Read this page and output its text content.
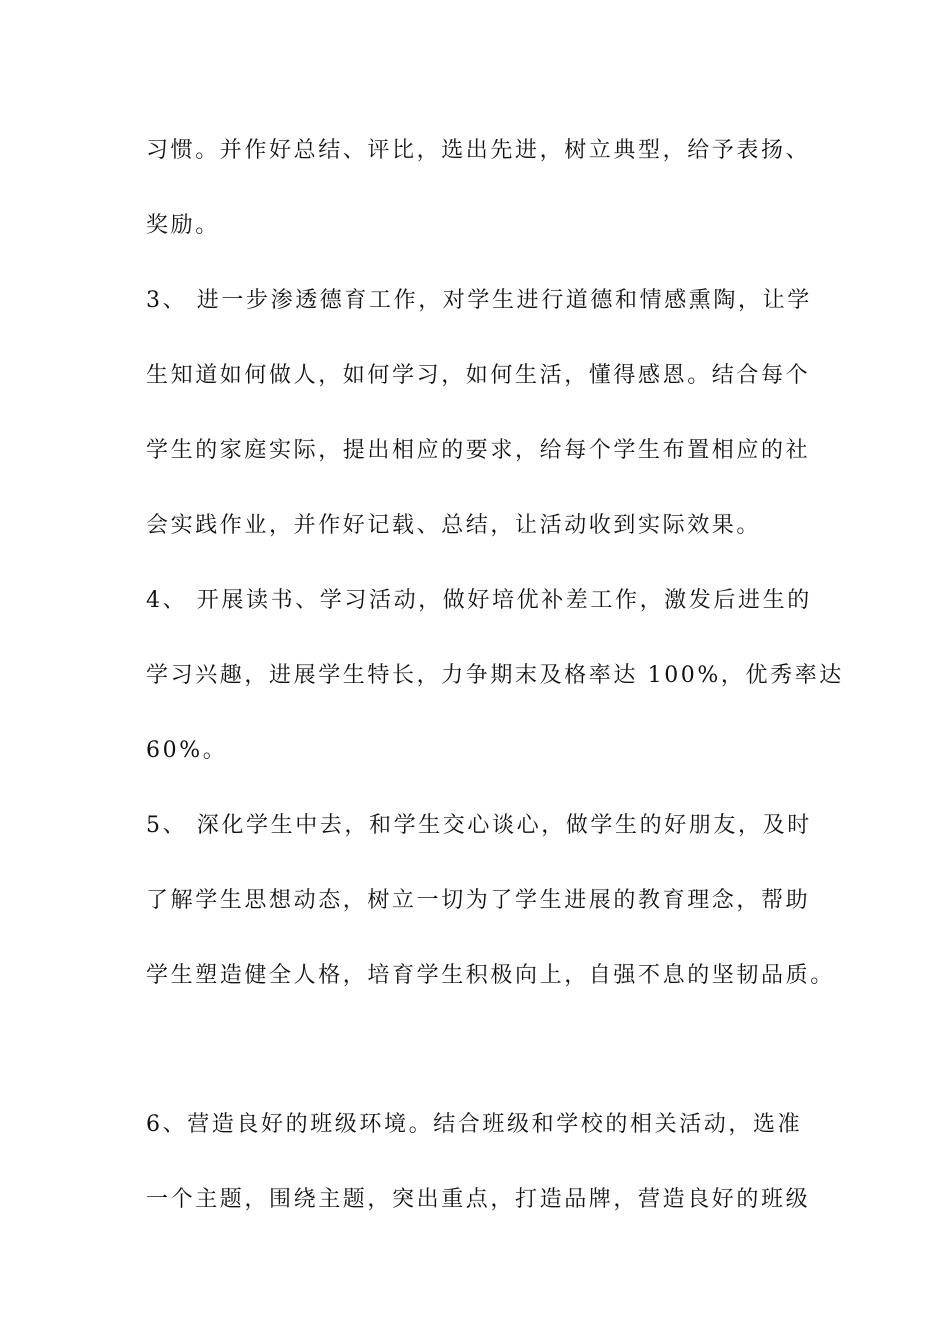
习惯。并作好总结、评比，选出先进，树立典型，给予表扬、
奖励。
3、 进一步渗透德育工作，对学生进行道德和情感熏陶，让学
生知道如何做人，如何学习，如何生活，懂得感恩。结合每个
学生的家庭实际，提出相应的要求，给每个学生布置相应的社
会实践作业，并作好记载、总结，让活动收到实际效果。
4、 开展读书、学习活动，做好培优补差工作，激发后进生的
学习兴趣，进展学生特长，力争期末及格率达 100%，优秀率达
60%。
5、 深化学生中去，和学生交心谈心，做学生的好朋友，及时
了解学生思想动态，树立一切为了学生进展的教育理念，帮助
学生塑造健全人格，培育学生积极向上，自强不息的坚韧品质。
6、营造良好的班级环境。结合班级和学校的相关活动，选准
一个主题，围绕主题，突出重点，打造品牌，营造良好的班级
